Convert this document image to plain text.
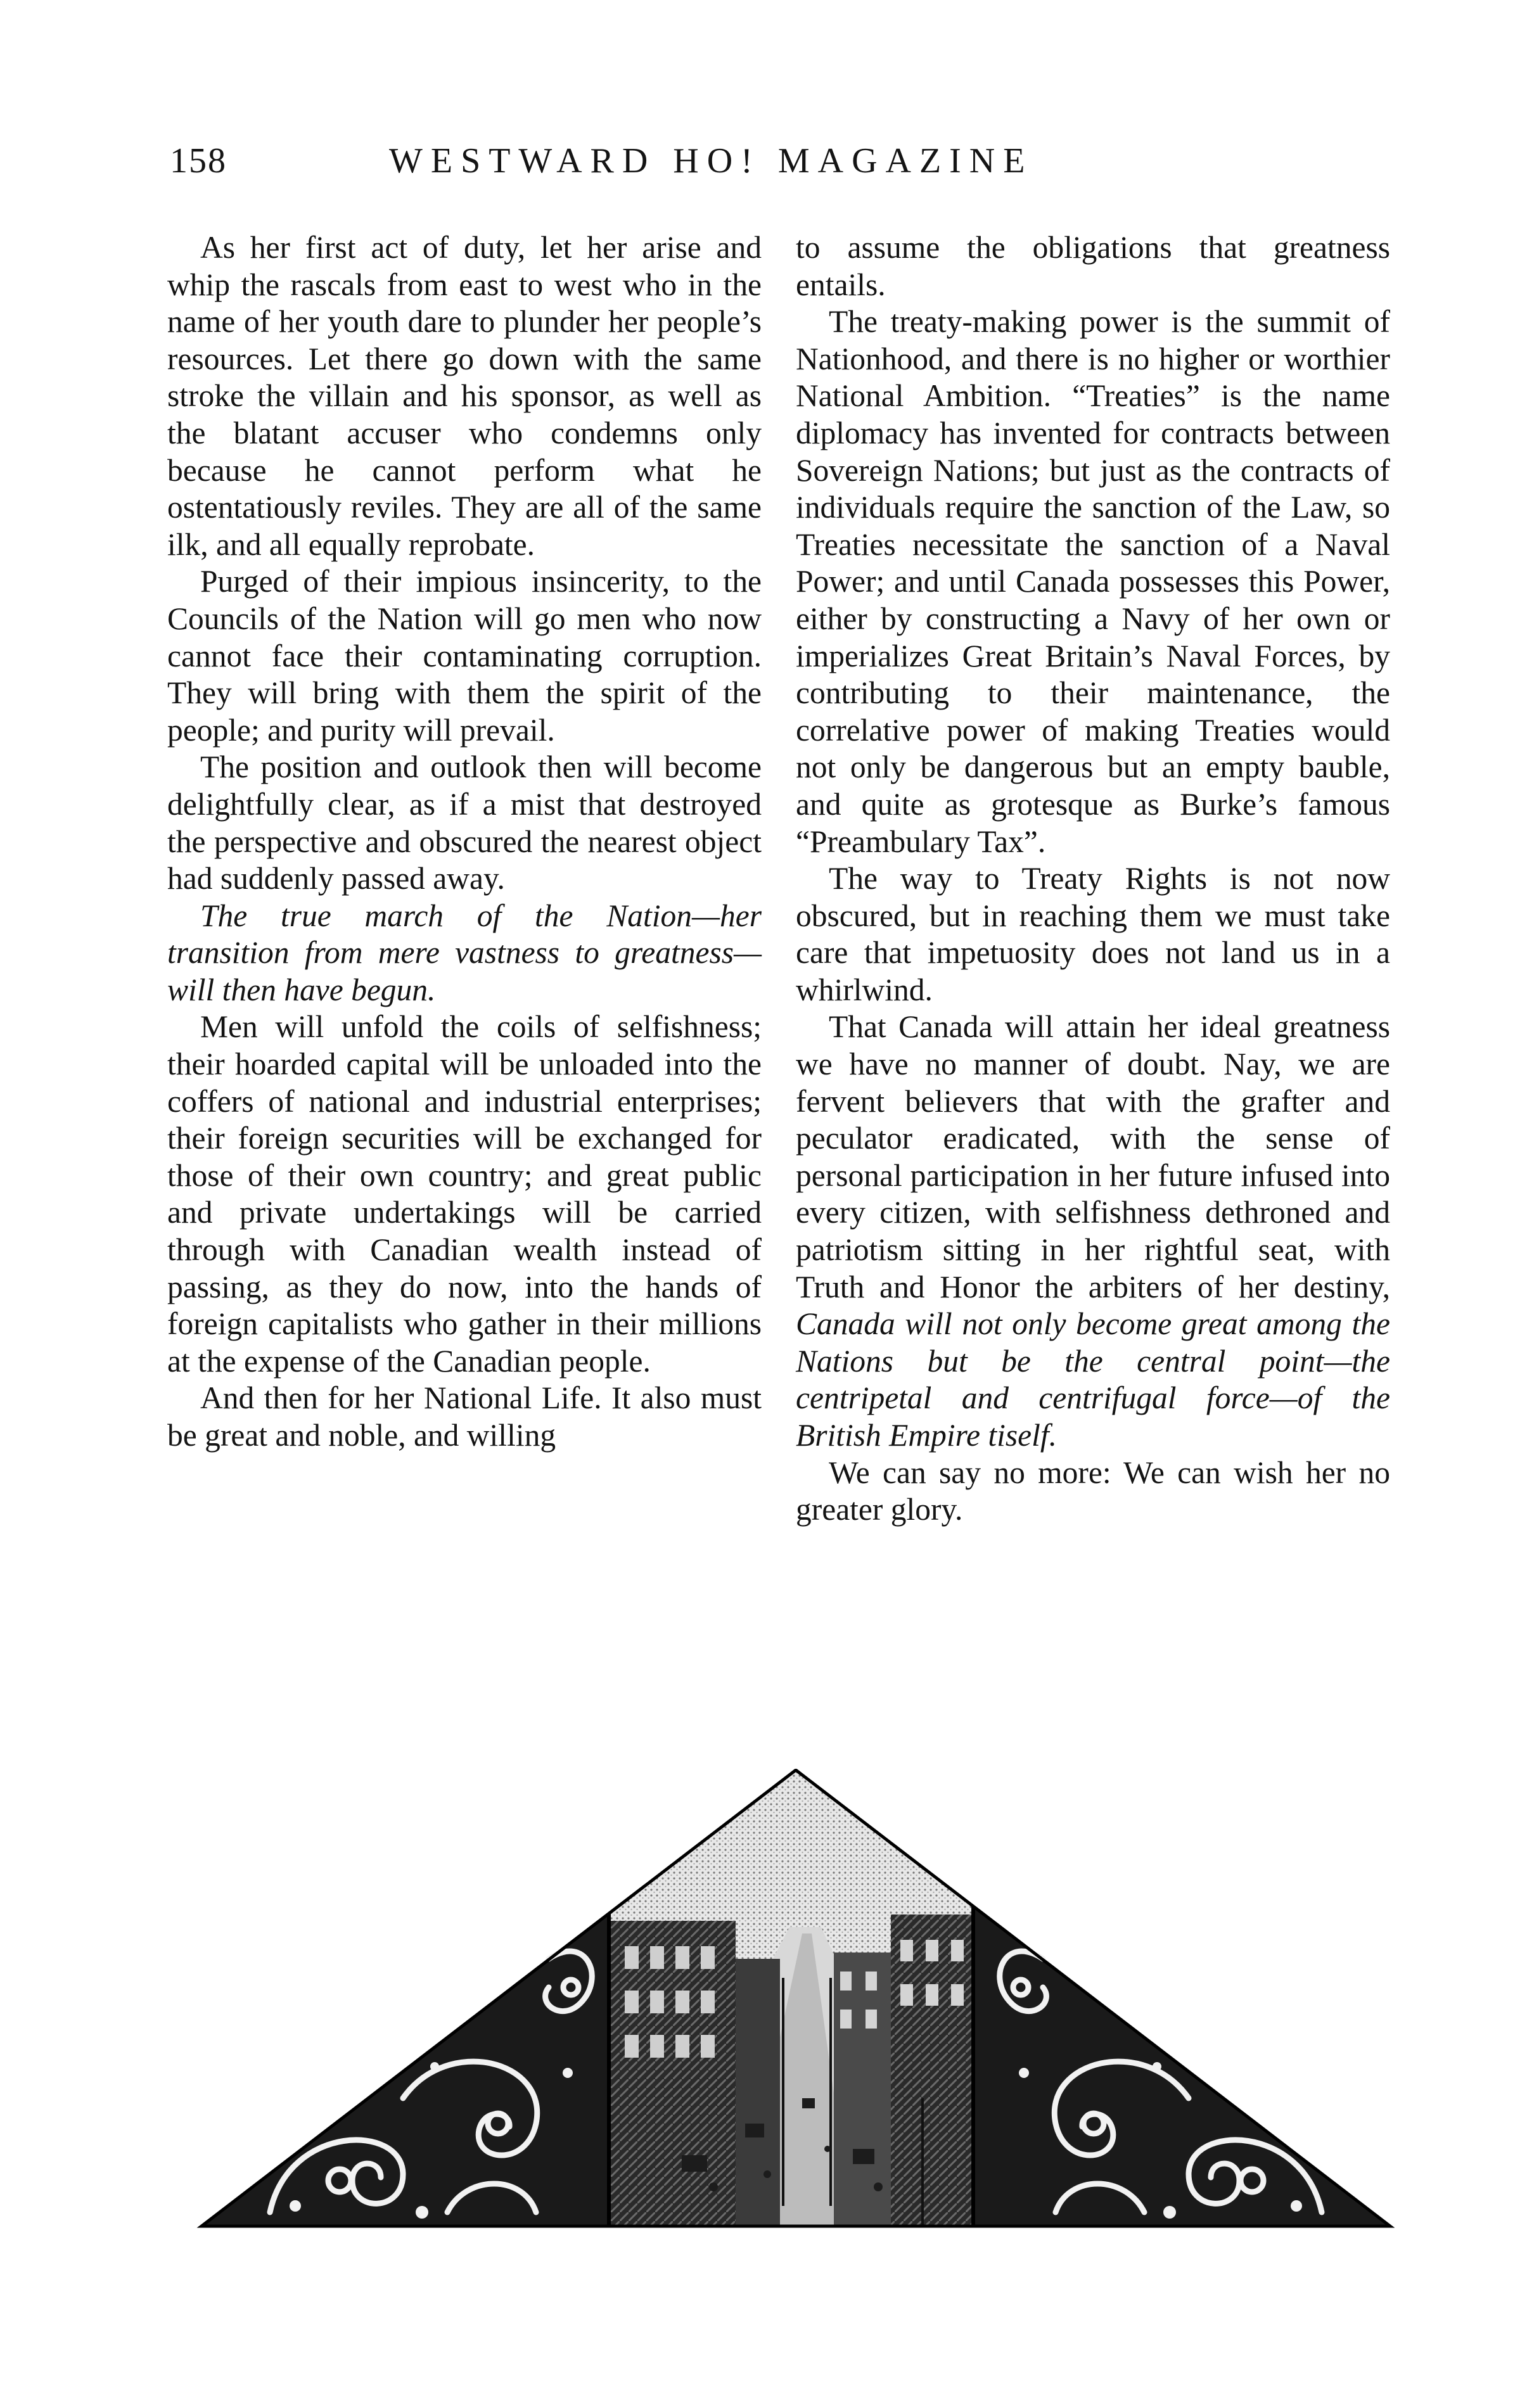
158	WESTWARD HO! MAGAZINE

As her first act of duty, let her arise and whip the rascals from east to west who in the name of her youth dare to plunder her people’s resources. Let there go down with the same stroke the villain and his sponsor, as well as the blatant accuser who condemns only because he cannot perform what he ostentatiously reviles. They are all of the same ilk, and all equally reprobate.

Purged of their impious insincerity, to the Councils of the Nation will go men who now cannot face their contaminating corruption. They will bring with them the spirit of the people; and purity will prevail.

The position and outlook then will become delightfully clear, as if a mist that destroyed the perspective and obscured the nearest object had suddenly passed away.

The true march of the Nation—her transition from mere vastness to greatness—will then have begun.

Men will unfold the coils of selfishness; their hoarded capital will be unloaded into the coffers of national and industrial enterprises; their foreign securities will be exchanged for those of their own country; and great public and private undertakings will be carried through with Canadian wealth instead of passing, as they do now, into the hands of foreign capitalists who gather in their millions at the expense of the Canadian people.

And then for her National Life. It also must be great and noble, and willing

to assume the obligations that greatness entails.

The treaty-making power is the summit of Nationhood, and there is no higher or worthier National Ambition. “Treaties” is the name diplomacy has invented for contracts between Sovereign Nations; but just as the contracts of individuals require the sanction of the Law, so Treaties necessitate the sanction of a Naval Power; and until Canada possesses this Power, either by constructing a Navy of her own or imperializes Great Britain’s Naval Forces, by contributing to their maintenance, the correlative power of making Treaties would not only be dangerous but an empty bauble, and quite as grotesque as Burke’s famous “Preambulary Tax”.

The way to Treaty Rights is not now obscured, but in reaching them we must take care that impetuosity does not land us in a whirlwind.

That Canada will attain her ideal greatness we have no manner of doubt. Nay, we are fervent believers that with the grafter and peculator eradicated, with the sense of personal participation in her future infused into every citizen, with selfishness dethroned and patriotism sitting in her rightful seat, with Truth and Honor the arbiters of her destiny, Canada will not only become great among the Nations but be the central point—the centripetal and centrifugal force—of the British Empire tiself.

We can say no more: We can wish her no greater glory.
